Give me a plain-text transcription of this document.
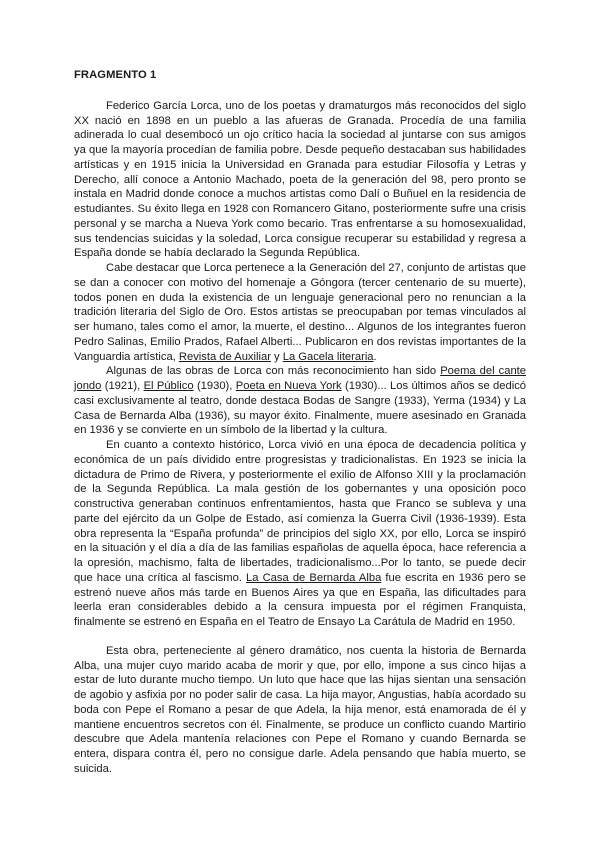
FRAGMENTO 1

Federico García Lorca, uno de los poetas y dramaturgos más reconocidos del siglo XX nació en 1898 en un pueblo a las afueras de Granada. Procedía de una familia adinerada lo cual desembocó un ojo crítico hacia la sociedad al juntarse con sus amigos ya que la mayoría procedían de familia pobre. Desde pequeño destacaban sus habilidades artísticas y en 1915 inicia la Universidad en Granada para estudiar Filosofía y Letras y Derecho, allí conoce a Antonio Machado, poeta de la generación del 98, pero pronto se instala en Madrid donde conoce a muchos artistas como Dalí o Buñuel en la residencia de estudiantes. Su éxito llega en 1928 con Romancero Gitano, posteriormente sufre una crisis personal y se marcha a Nueva York como becario. Tras enfrentarse a su homosexualidad, sus tendencias suicidas y la soledad, Lorca consigue recuperar su estabilidad y regresa a España donde se había declarado la Segunda República.

Cabe destacar que Lorca pertenece a la Generación del 27, conjunto de artistas que se dan a conocer con motivo del homenaje a Góngora (tercer centenario de su muerte), todos ponen en duda la existencia de un lenguaje generacional pero no renuncian a la tradición literaria del Siglo de Oro. Estos artistas se preocupaban por temas vinculados al ser humano, tales como el amor, la muerte, el destino... Algunos de los integrantes fueron Pedro Salinas, Emilio Prados, Rafael Alberti... Publicaron en dos revistas importantes de la Vanguardia artística, Revista de Auxiliar y La Gacela literaria.

Algunas de las obras de Lorca con más reconocimiento han sido Poema del cante jondo (1921), El Público (1930), Poeta en Nueva York (1930)... Los últimos años se dedicó casi exclusivamente al teatro, donde destaca Bodas de Sangre (1933), Yerma (1934) y La Casa de Bernarda Alba (1936), su mayor éxito. Finalmente, muere asesinado en Granada en 1936 y se convierte en un símbolo de la libertad y la cultura.

En cuanto a contexto histórico, Lorca vivió en una época de decadencia política y económica de un país dividido entre progresistas y tradicionalistas. En 1923 se inicia la dictadura de Primo de Rivera, y posteriormente el exilio de Alfonso XIII y la proclamación de la Segunda República. La mala gestión de los gobernantes y una oposición poco constructiva generaban continuos enfrentamientos, hasta que Franco se subleva y una parte del ejército da un Golpe de Estado, así comienza la Guerra Civil (1936-1939). Esta obra representa la “España profunda” de principios del siglo XX, por ello, Lorca se inspiró en la situación y el día a día de las familias españolas de aquella época, hace referencia a la opresión, machismo, falta de libertades, tradicionalismo...Por lo tanto, se puede decir que hace una crítica al fascismo. La Casa de Bernarda Alba fue escrita en 1936 pero se estrenó nueve años más tarde en Buenos Aires ya que en España, las dificultades para leerla eran considerables debido a la censura impuesta por el régimen Franquista, finalmente se estrenó en España en el Teatro de Ensayo La Carátula de Madrid en 1950.

Esta obra, perteneciente al género dramático, nos cuenta la historia de Bernarda Alba, una mujer cuyo marido acaba de morir y que, por ello, impone a sus cinco hijas a estar de luto durante mucho tiempo. Un luto que hace que las hijas sientan una sensación de agobio y asfixia por no poder salir de casa. La hija mayor, Angustias, había acordado su boda con Pepe el Romano a pesar de que Adela, la hija menor, está enamorada de él y mantiene encuentros secretos con él. Finalmente, se produce un conflicto cuando Martirio descubre que Adela mantenía relaciones con Pepe el Romano y cuando Bernarda se entera, dispara contra él, pero no consigue darle. Adela pensando que había muerto, se suicida.
